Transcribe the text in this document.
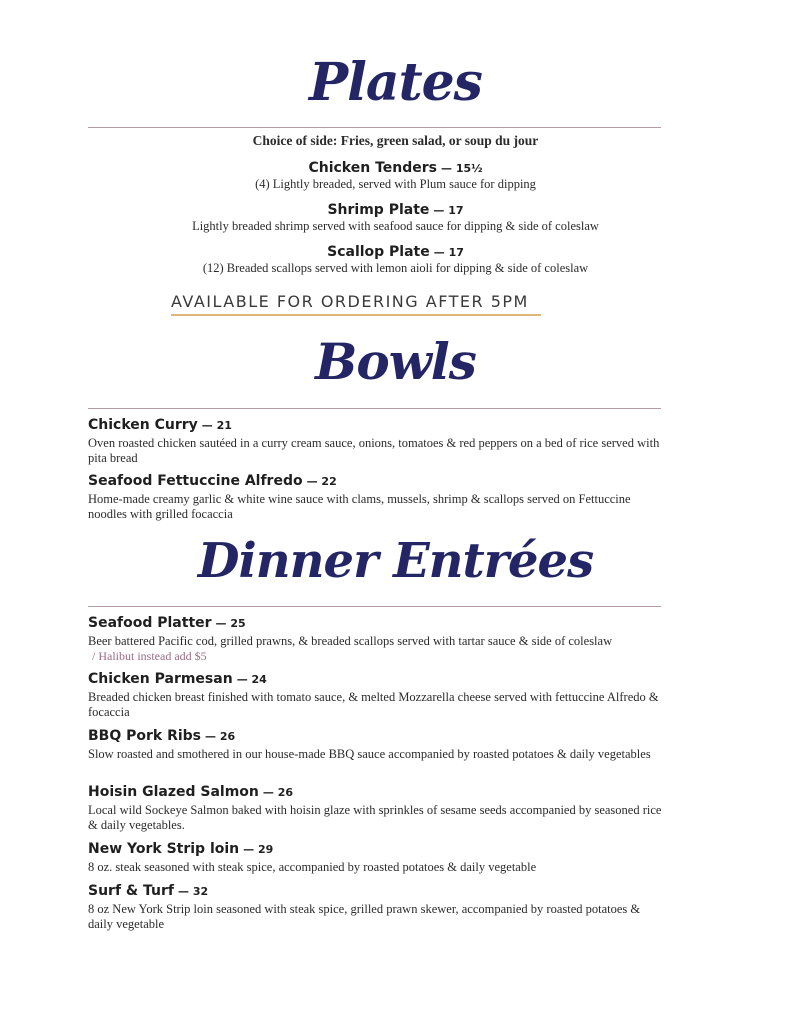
Plates
Choice of side: Fries, green salad, or soup du jour
Chicken Tenders — 15½
(4) Lightly breaded, served with Plum sauce for dipping
Shrimp Plate — 17
Lightly breaded shrimp served with seafood sauce for dipping & side of coleslaw
Scallop Plate — 17
(12) Breaded scallops served with lemon aioli for dipping & side of coleslaw
AVAILABLE FOR ORDERING AFTER 5PM
Bowls
Chicken Curry — 21
Oven roasted chicken sautéed in a curry cream sauce, onions, tomatoes & red peppers on a bed of rice served with pita bread
Seafood Fettuccine Alfredo — 22
Home-made creamy garlic & white wine sauce with clams, mussels, shrimp & scallops served on Fettuccine noodles with grilled focaccia
Dinner Entrées
Seafood Platter — 25
Beer battered Pacific cod, grilled prawns, & breaded scallops served with tartar sauce & side of coleslaw
/ Halibut instead add $5
Chicken Parmesan — 24
Breaded chicken breast finished with tomato sauce, & melted Mozzarella cheese served with fettuccine Alfredo & focaccia
BBQ Pork Ribs — 26
Slow roasted and smothered in our house-made BBQ sauce accompanied by roasted potatoes & daily vegetables
Hoisin Glazed Salmon — 26
Local wild Sockeye Salmon baked with hoisin glaze with sprinkles of sesame seeds accompanied by seasoned rice & daily vegetables.
New York Strip loin — 29
8 oz. steak seasoned with steak spice, accompanied by roasted potatoes & daily vegetable
Surf & Turf — 32
8 oz New York Strip loin seasoned with steak spice, grilled prawn skewer, accompanied by roasted potatoes & daily vegetable
